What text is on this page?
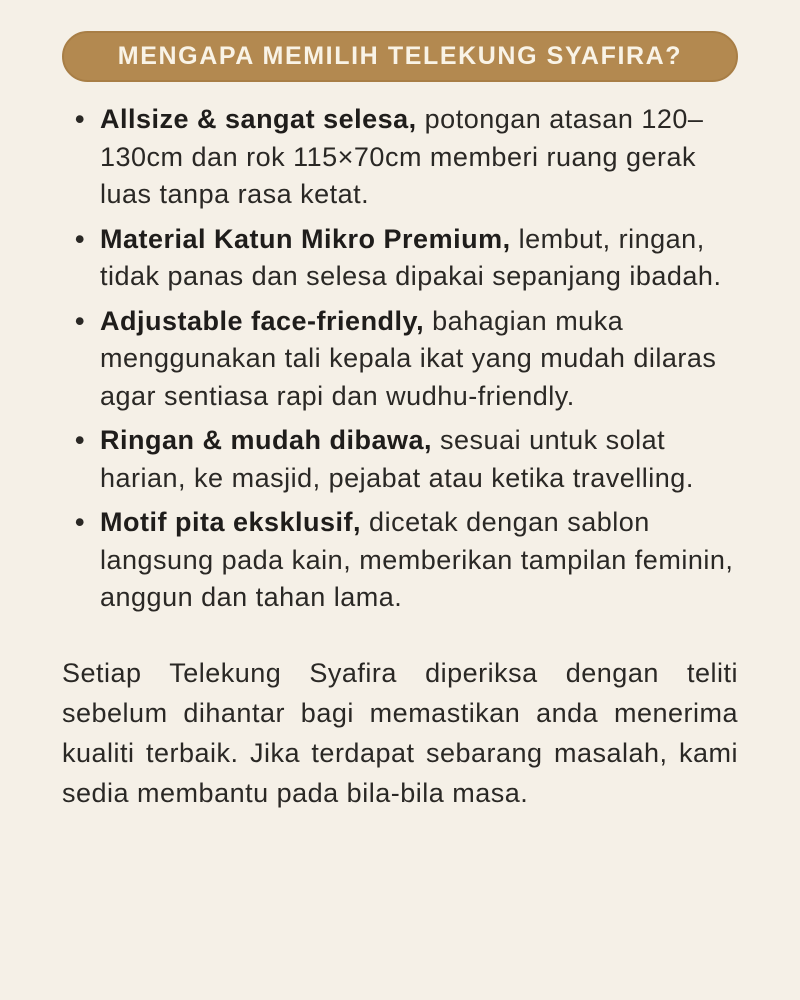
MENGAPA MEMILIH TELEKUNG SYAFIRA?
• Allsize & sangat selesa, potongan atasan 120–130cm dan rok 115×70cm memberi ruang gerak luas tanpa rasa ketat.
• Material Katun Mikro Premium, lembut, ringan, tidak panas dan selesa dipakai sepanjang ibadah.
• Adjustable face-friendly, bahagian muka menggunakan tali kepala ikat yang mudah dilaras agar sentiasa rapi dan wudhu-friendly.
• Ringan & mudah dibawa, sesuai untuk solat harian, ke masjid, pejabat atau ketika travelling.
• Motif pita eksklusif, dicetak dengan sablon langsung pada kain, memberikan tampilan feminin, anggun dan tahan lama.

Setiap Telekung Syafira diperiksa dengan teliti sebelum dihantar bagi memastikan anda menerima kualiti terbaik. Jika terdapat sebarang masalah, kami sedia membantu pada bila-bila masa.
